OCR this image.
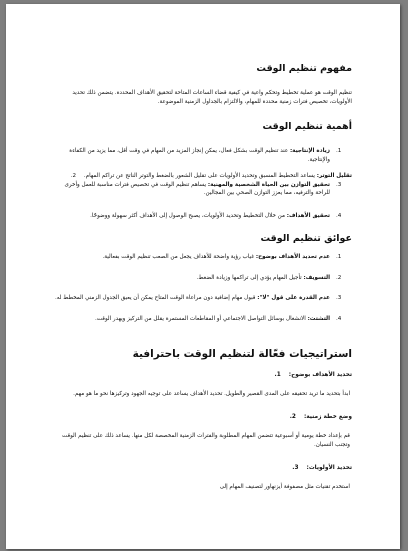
مفهوم تنظيم الوقت

تنظيم الوقت هو عملية تخطيط وتحكم واعية في كيفية قضاء الساعات المتاحة لتحقيق الأهداف المحددة. يتضمن ذلك تحديد الأولويات، تخصيص فترات زمنية محددة للمهام، والالتزام بالجداول الزمنية الموضوعة.

أهمية تنظيم الوقت

1.
زيادة الإنتاجية: عند تنظيم الوقت بشكل فعال، يمكن إنجاز المزيد من المهام في وقت أقل، مما يزيد من الكفاءة والإنتاجية.

تقليل التوتر: يساعد التخطيط المسبق وتحديد الأولويات على تقليل الشعور بالضغط والتوتر الناتج عن تراكم المهام. 2.

3.
تحقيق التوازن بين الحياة الشخصية والمهنية: يساهم تنظيم الوقت في تخصيص فترات مناسبة للعمل وأخرى للراحة والترفيه، مما يعزز التوازن الصحي بين المجالين.

4.
تحقيق الأهداف: من خلال التخطيط وتحديد الأولويات، يصبح الوصول إلى الأهداف أكثر سهولة ووضوحًا.

عوائق تنظيم الوقت

1.
عدم تحديد الأهداف بوضوح: غياب رؤية واضحة للأهداف يجعل من الصعب تنظيم الوقت بفعالية.

2.
التسويف: تأجيل المهام يؤدي إلى تراكمها وزيادة الضغط.

3.
عدم القدرة على قول "لا": قبول مهام إضافية دون مراعاة الوقت المتاح يمكن أن يعيق الجدول الزمني المخطط له.

4.
التشتت: الانشغال بوسائل التواصل الاجتماعي أو المقاطعات المستمرة يقلل من التركيز ويهدر الوقت.

استراتيجيات فعّالة لتنظيم الوقت باحترافية

تحديد الأهداف بوضوح:1.

ابدأ بتحديد ما تريد تحقيقه على المدى القصير والطويل. تحديد الأهداف يساعد على توجيه الجهود وتركيزها نحو ما هو مهم.

وضع خطة زمنية:2.

قم بإعداد خطة يومية أو أسبوعية تتضمن المهام المطلوبة والفترات الزمنية المخصصة لكل منها. يساعد ذلك على تنظيم الوقت وتجنب النسيان.

تحديد الأولويات:3.

استخدم تقنيات مثل مصفوفة أيزنهاور لتصنيف المهام إلى
